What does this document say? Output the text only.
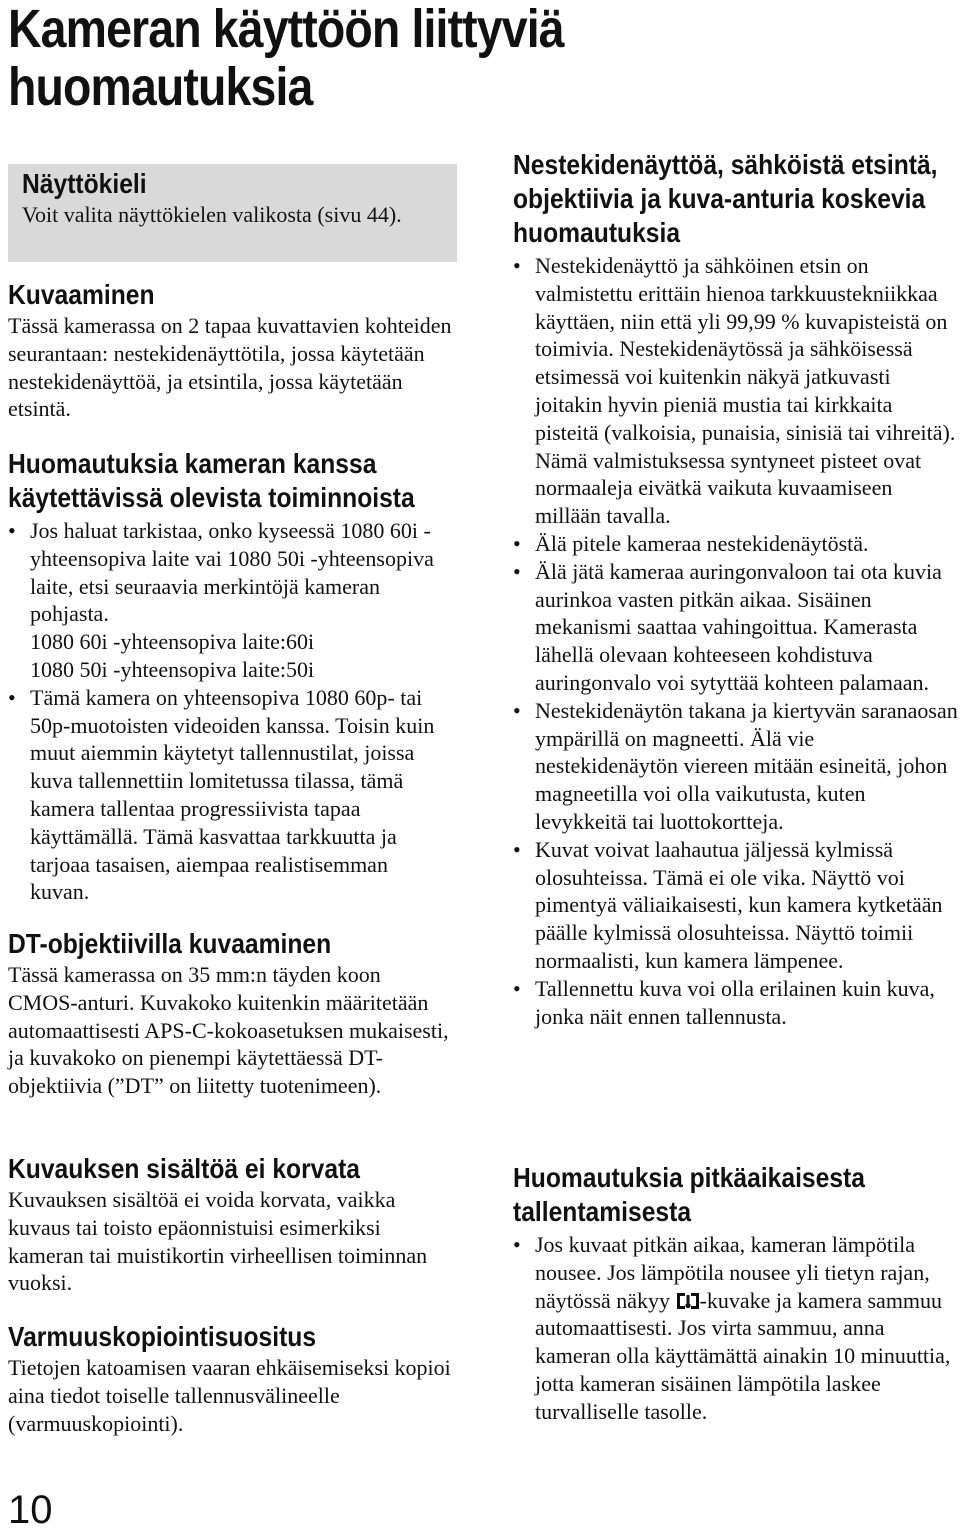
Kameran käyttöön liittyviä huomautuksia
Näyttökieli

Voit valita näyttökielen valikosta (sivu 44).

Kuvaaminen

Tässä kamerassa on 2 tapaa kuvattavien kohteiden seurantaan: nestekidenäyttötila, jossa käytetään nestekidenäyttöä, ja etsintila, jossa käytetään etsintä.

Huomautuksia kameran kanssa
käytettävissä olevista toiminnoista
• Jos haluat tarkistaa, onko kyseessä 1080 60i -yhteensopiva laite vai 1080 50i -yhteensopiva laite, etsi seuraavia merkintöjä kameran pohjasta.
1080 60i -yhteensopiva laite:60i
1080 50i -yhteensopiva laite:50i
• Tämä kamera on yhteensopiva 1080 60p- tai 50p-muotoisten videoiden kanssa. Toisin kuin muut aiemmin käytetyt tallennustilat, joissa kuva tallennettiin lomitetussa tilassa, tämä kamera tallentaa progressiivista tapaa käyttämällä. Tämä kasvattaa tarkkuutta ja tarjoaa tasaisen, aiempaa realistisemman kuvan.
DT-objektiivilla kuvaaminen

Tässä kamerassa on 35 mm:n täyden koon CMOS-anturi. Kuvakoko kuitenkin määritetään automaattisesti APS-C-kokoasetuksen mukaisesti, ja kuvakoko on pienempi käytettäessä DT-objektiivia (”DT” on liitetty tuotenimeen).

Kuvauksen sisältöä ei korvata

Kuvauksen sisältöä ei voida korvata, vaikka kuvaus tai toisto epäonnistuisi esimerkiksi kameran tai muistikortin virheellisen toiminnan vuoksi.

Varmuuskopiointisuositus

Tietojen katoamisen vaaran ehkäisemiseksi kopioi aina tiedot toiselle tallennusvälineelle (varmuuskopiointi).

10
Nestekidenäyttöä, sähköistä etsintä,
objektiivia ja kuva-anturia koskevia
huomautuksia
• Nestekidenäyttö ja sähköinen etsin on valmistettu erittäin hienoa tarkkuustekniikkaa käyttäen, niin että yli 99,99 % kuvapisteistä on toimivia. Nestekidenäytössä ja sähköisessä etsimessä voi kuitenkin näkyä jatkuvasti joitakin hyvin pieniä mustia tai kirkkaita pisteitä (valkoisia, punaisia, sinisiä tai vihreitä). Nämä valmistuksessa syntyneet pisteet ovat normaaleja eivätkä vaikuta kuvaamiseen millään tavalla.
• Älä pitele kameraa nestekidenäytöstä.
• Älä jätä kameraa auringonvaloon tai ota kuvia aurinkoa vasten pitkän aikaa. Sisäinen mekanismi saattaa vahingoittua. Kamerasta lähellä olevaan kohteeseen kohdistuva auringonvalo voi sytyttää kohteen palamaan.
• Nestekidenäytön takana ja kiertyvän saranaosan ympärillä on magneetti. Älä vie nestekidenäytön viereen mitään esineitä, johon magneetilla voi olla vaikutusta, kuten levykkeitä tai luottokortteja.
• Kuvat voivat laahautua jäljessä kylmissä olosuhteissa. Tämä ei ole vika. Näyttö voi pimentyä väliaikaisesti, kun kamera kytketään päälle kylmissä olosuhteissa. Näyttö toimii normaalisti, kun kamera lämpenee.
• Tallennettu kuva voi olla erilainen kuin kuva, jonka näit ennen tallennusta.
Huomautuksia pitkäaikaisesta
tallentamisesta
• Jos kuvaat pitkän aikaa, kameran lämpötila nousee. Jos lämpötila nousee yli tietyn rajan, näytössä näkyy -kuvake ja kamera sammuu automaattisesti. Jos virta sammuu, anna kameran olla käyttämättä ainakin 10 minuuttia, jotta kameran sisäinen lämpötila laskee turvalliselle tasolle.
